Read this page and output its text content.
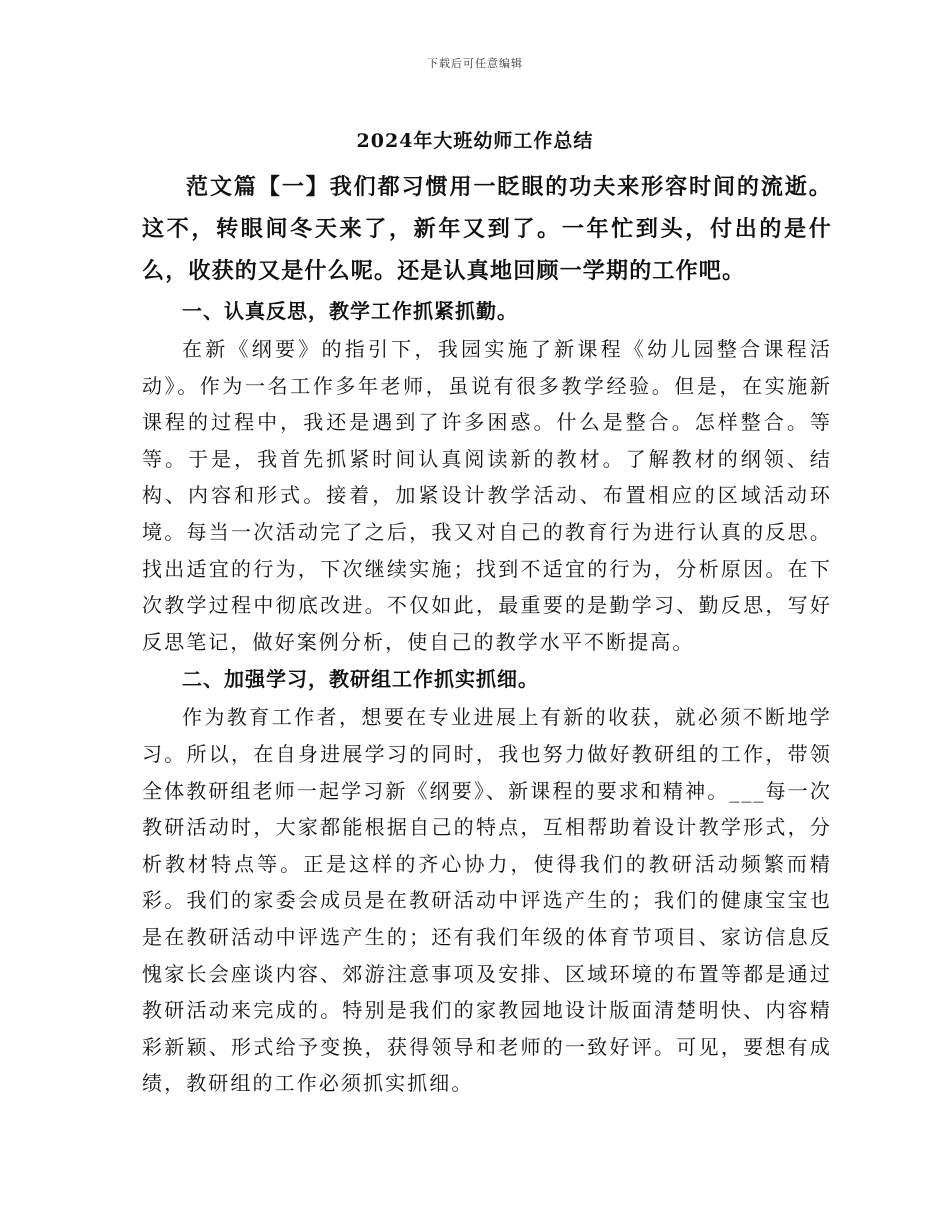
下载后可任意编辑
2024年大班幼师工作总结

范文篇【一】我们都习惯用一眨眼的功夫来形容时间的流逝。这不，转眼间冬天来了，新年又到了。一年忙到头，付出的是什么，收获的又是什么呢。还是认真地回顾一学期的工作吧。

一、认真反思，教学工作抓紧抓勤。

在新《纲要》的指引下，我园实施了新课程《幼儿园整合课程活动》。作为一名工作多年老师，虽说有很多教学经验。但是，在实施新课程的过程中，我还是遇到了许多困惑。什么是整合。怎样整合。等等。于是，我首先抓紧时间认真阅读新的教材。了解教材的纲领、结构、内容和形式。接着，加紧设计教学活动、布置相应的区域活动环境。每当一次活动完了之后，我又对自己的教育行为进行认真的反思。找出适宜的行为，下次继续实施；找到不适宜的行为，分析原因。在下次教学过程中彻底改进。不仅如此，最重要的是勤学习、勤反思，写好反思笔记，做好案例分析，使自己的教学水平不断提高。

二、加强学习，教研组工作抓实抓细。

作为教育工作者，想要在专业进展上有新的收获，就必须不断地学习。所以，在自身进展学习的同时，我也努力做好教研组的工作，带领全体教研组老师一起学习新《纲要》、新课程的要求和精神。___每一次教研活动时，大家都能根据自己的特点，互相帮助着设计教学形式，分析教材特点等。正是这样的齐心协力，使得我们的教研活动频繁而精彩。我们的家委会成员是在教研活动中评选产生的；我们的健康宝宝也是在教研活动中评选产生的；还有我们年级的体育节项目、家访信息反愧家长会座谈内容、郊游注意事项及安排、区域环境的布置等都是通过教研活动来完成的。特别是我们的家教园地设计版面清楚明快、内容精彩新颖、形式给予变换，获得领导和老师的一致好评。可见，要想有成绩，教研组的工作必须抓实抓细。
